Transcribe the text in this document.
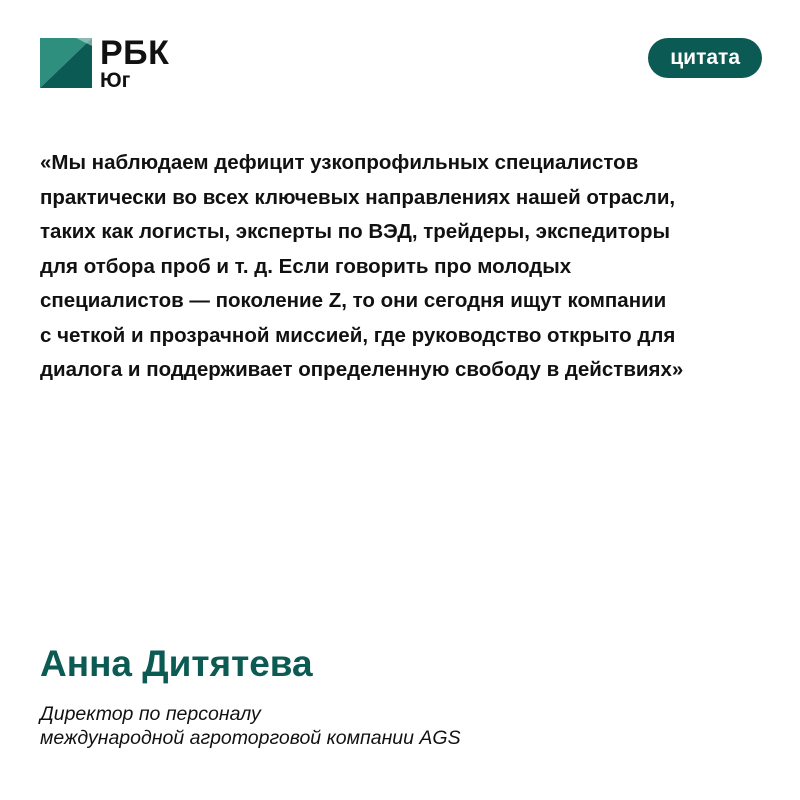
РБК
Юг
цитата

«Мы наблюдаем дефицит узкопрофильных специалистов
практически во всех ключевых направлениях нашей отрасли,
таких как логисты, эксперты по ВЭД, трейдеры, экспедиторы
для отбора проб и т. д. Если говорить про молодых
специалистов — поколение Z, то они сегодня ищут компании
с четкой и прозрачной миссией, где руководство открыто для
диалога и поддерживает определенную свободу в действиях»

Анна Дитятева

Директор по персоналу
международной агроторговой компании AGS
